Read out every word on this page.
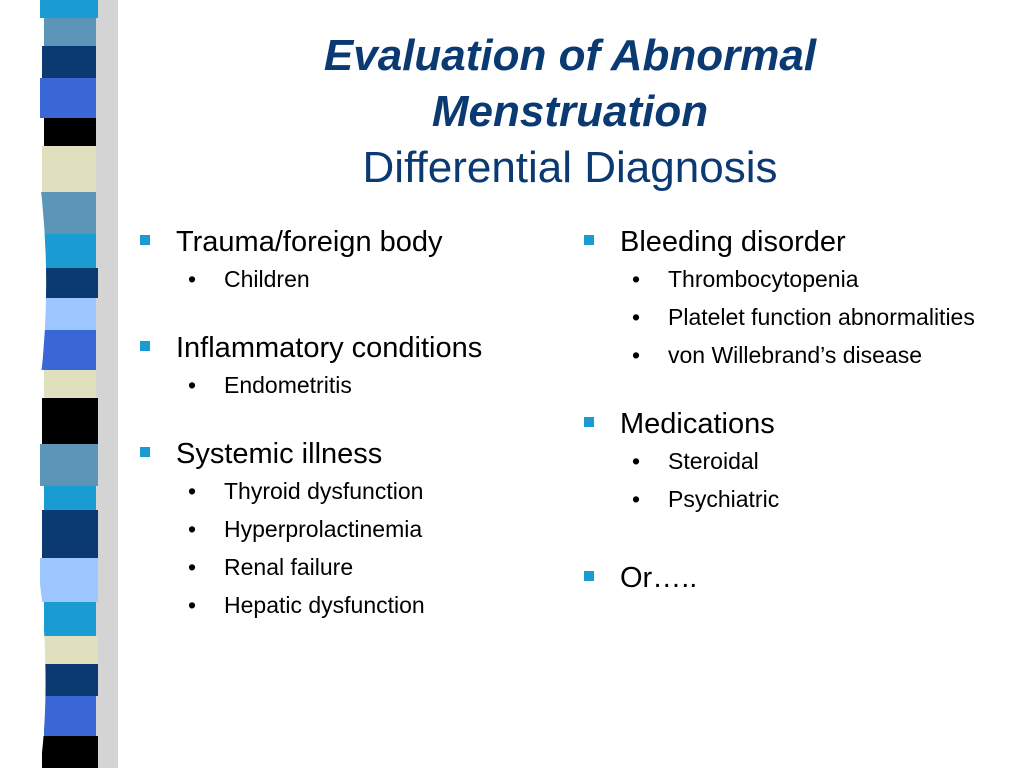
Evaluation of Abnormal
Menstruation
Differential Diagnosis
Trauma/foreign body
•	Children
Inflammatory conditions
•	Endometritis
Systemic illness
•	Thyroid dysfunction
•	Hyperprolactinemia
•	Renal failure
•	Hepatic dysfunction
Bleeding disorder
•	Thrombocytopenia
•	Platelet function abnormalities
•	von Willebrand’s disease
Medications
•	Steroidal
•	Psychiatric
Or…..
